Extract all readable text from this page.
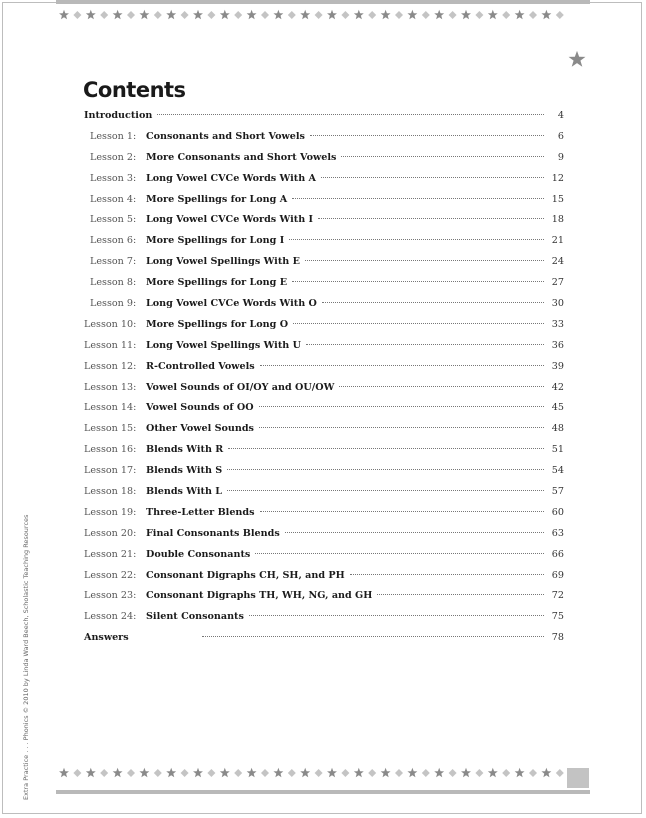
Contents
Introduction	4
Lesson 1:	Consonants and Short Vowels	6
Lesson 2:	More Consonants and Short Vowels	9
Lesson 3:	Long Vowel CVCe Words With A	12
Lesson 4:	More Spellings for Long A	15
Lesson 5:	Long Vowel CVCe Words With I	18
Lesson 6:	More Spellings for Long I	21
Lesson 7:	Long Vowel Spellings With E	24
Lesson 8:	More Spellings for Long E	27
Lesson 9:	Long Vowel CVCe Words With O	30
Lesson 10:	More Spellings for Long O	33
Lesson 11:	Long Vowel Spellings With U	36
Lesson 12:	R-Controlled Vowels	39
Lesson 13:	Vowel Sounds of OI/OY and OU/OW	42
Lesson 14:	Vowel Sounds of OO	45
Lesson 15:	Other Vowel Sounds	48
Lesson 16:	Blends With R	51
Lesson 17:	Blends With S	54
Lesson 18:	Blends With L	57
Lesson 19:	Three-Letter Blends	60
Lesson 20:	Final Consonants Blends	63
Lesson 21:	Double Consonants	66
Lesson 22:	Consonant Digraphs CH, SH, and PH	69
Lesson 23:	Consonant Digraphs TH, WH, NG, and GH	72
Lesson 24:	Silent Consonants	75
Answers	78
Extra Practice . . . Phonics © 2010 by Linda Ward Beech, Scholastic Teaching Resources
